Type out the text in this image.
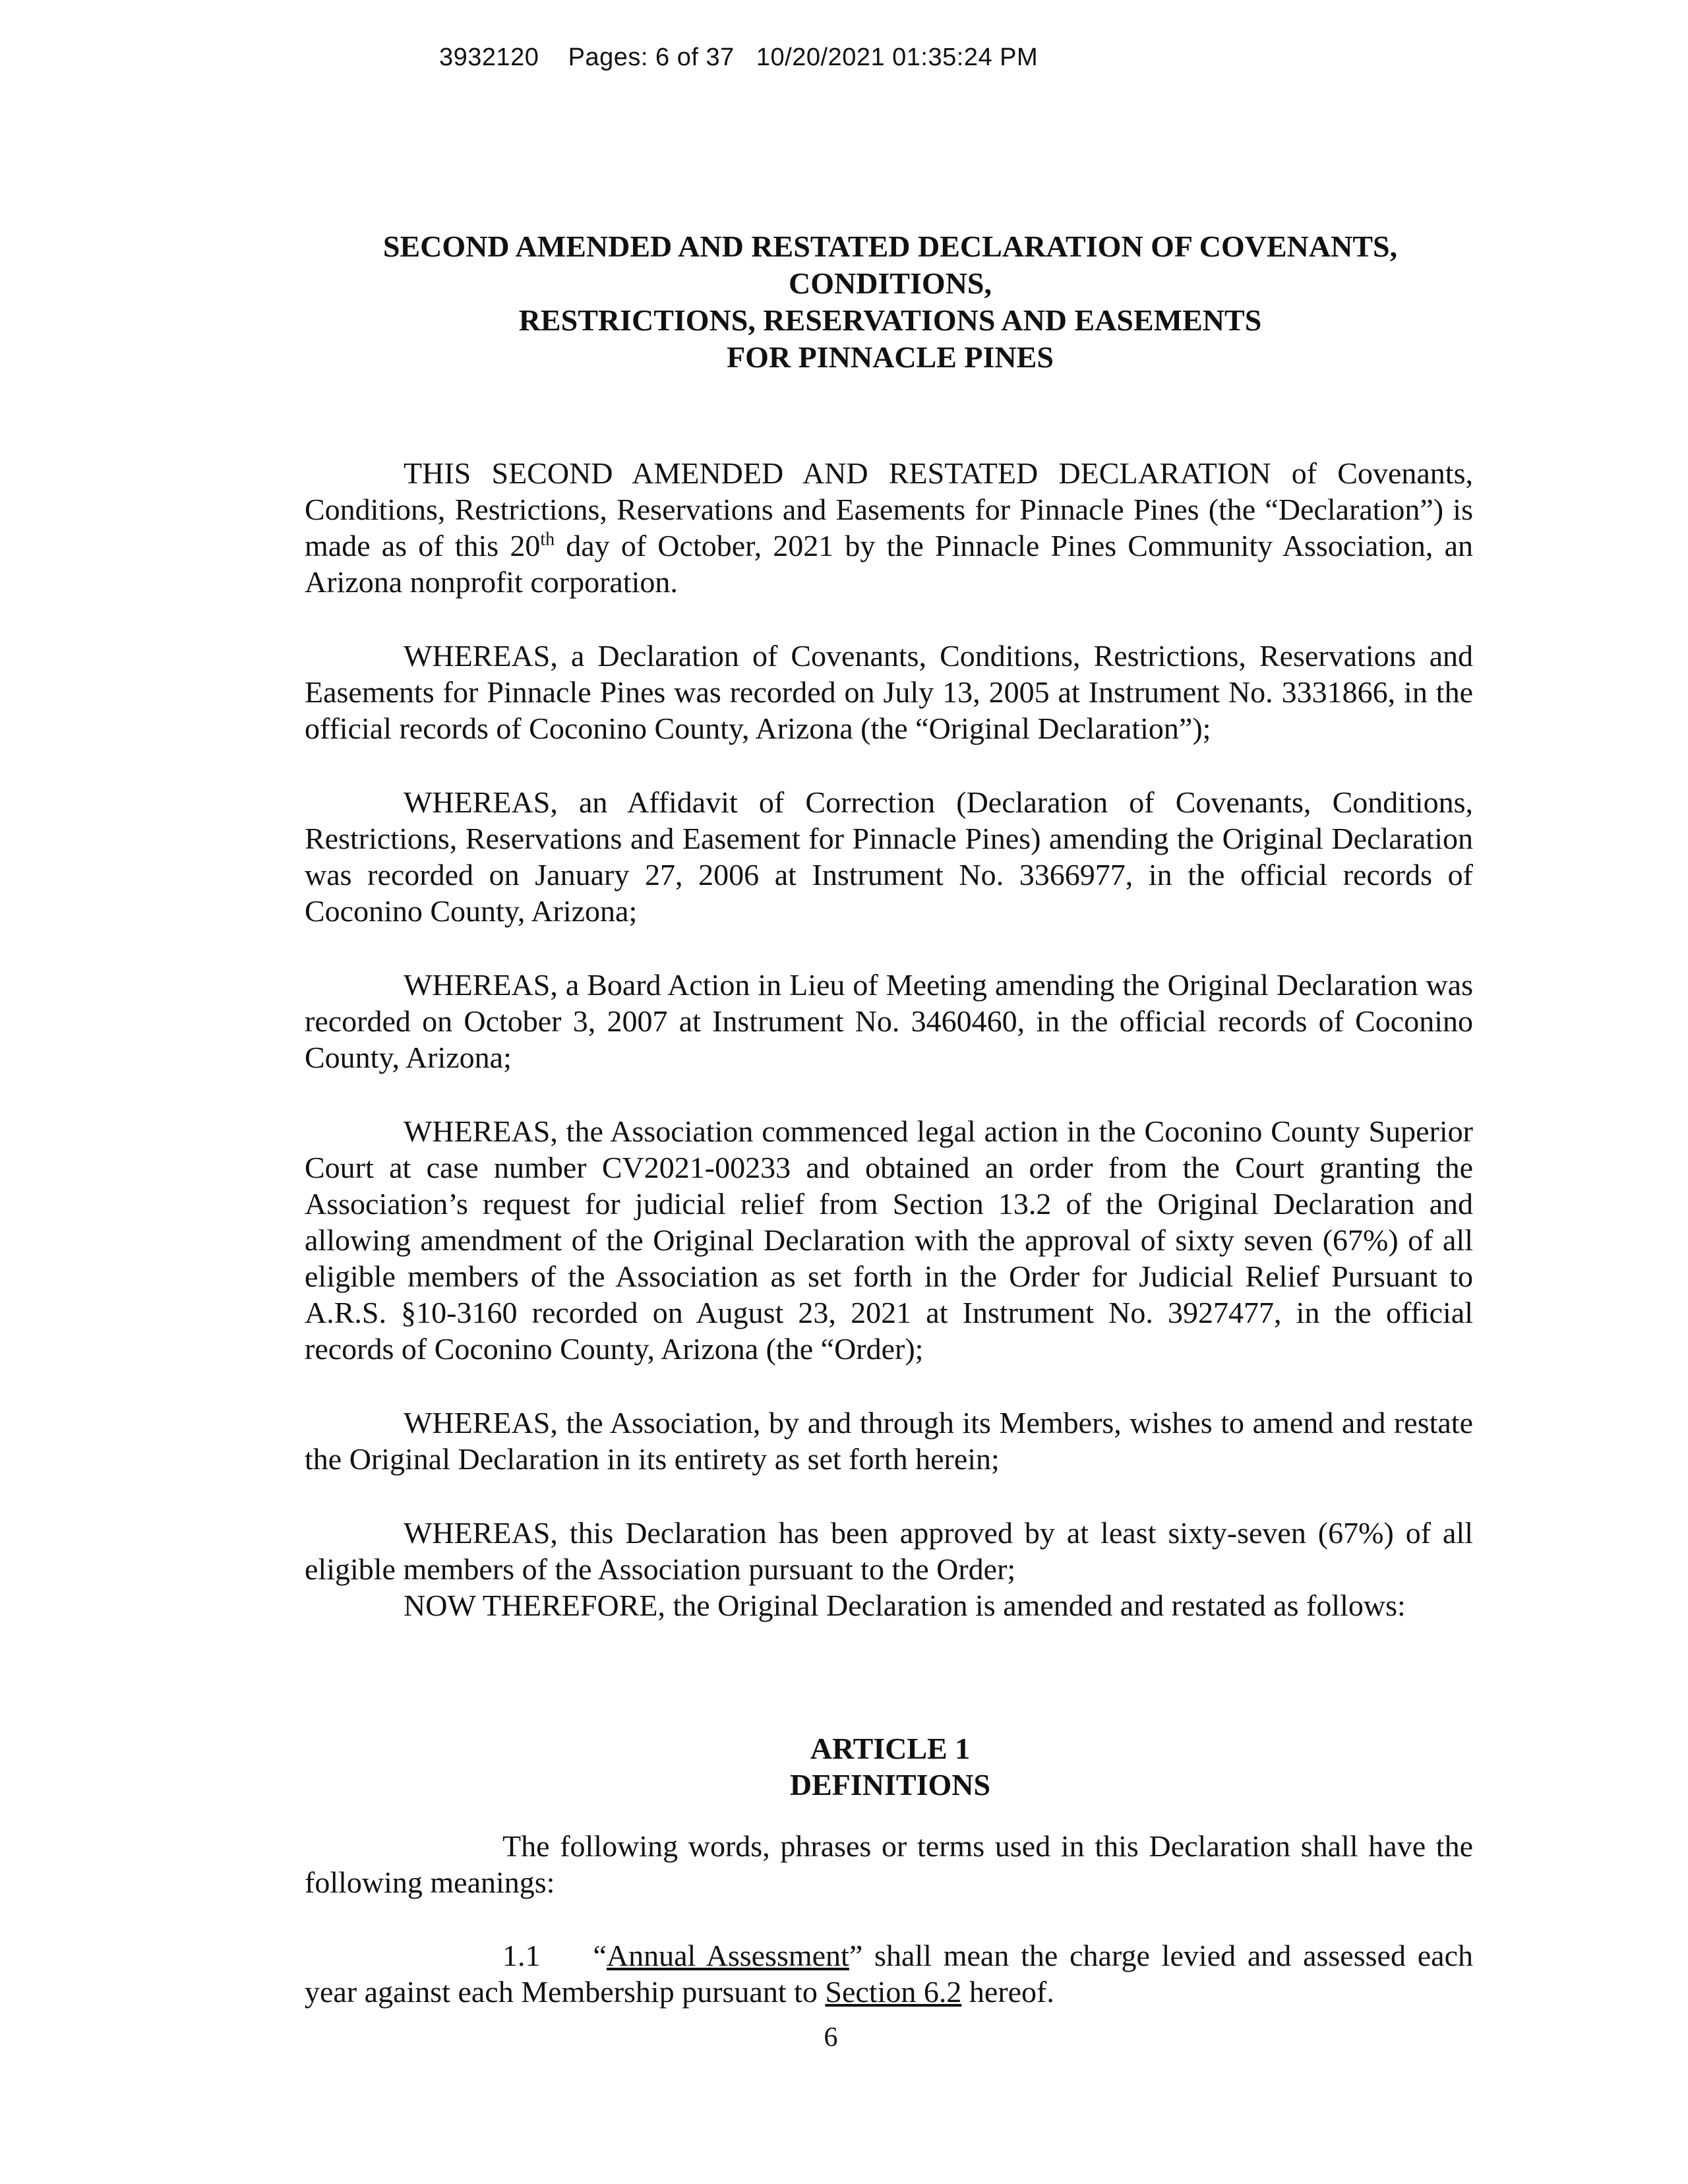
3932120    Pages: 6 of 37   10/20/2021 01:35:24 PM
SECOND AMENDED AND RESTATED DECLARATION OF COVENANTS,
CONDITIONS,
RESTRICTIONS, RESERVATIONS AND EASEMENTS
FOR PINNACLE PINES

THIS SECOND AMENDED AND RESTATED DECLARATION of Covenants, Conditions, Restrictions, Reservations and Easements for Pinnacle Pines (the “Declaration”) is made as of this 20th day of October, 2021 by the Pinnacle Pines Community Association, an Arizona nonprofit corporation.

WHEREAS, a Declaration of Covenants, Conditions, Restrictions, Reservations and Easements for Pinnacle Pines was recorded on July 13, 2005 at Instrument No. 3331866, in the official records of Coconino County, Arizona (the “Original Declaration”);

WHEREAS, an Affidavit of Correction (Declaration of Covenants, Conditions, Restrictions, Reservations and Easement for Pinnacle Pines) amending the Original Declaration was recorded on January 27, 2006 at Instrument No. 3366977, in the official records of Coconino County, Arizona;

WHEREAS, a Board Action in Lieu of Meeting amending the Original Declaration was recorded on October 3, 2007 at Instrument No. 3460460, in the official records of Coconino County, Arizona;

WHEREAS, the Association commenced legal action in the Coconino County Superior Court at case number CV2021-00233 and obtained an order from the Court granting the Association’s request for judicial relief from Section 13.2 of the Original Declaration and allowing amendment of the Original Declaration with the approval of sixty seven (67%) of all eligible members of the Association as set forth in the Order for Judicial Relief Pursuant to A.R.S. §10-3160 recorded on August 23, 2021 at Instrument No. 3927477, in the official records of Coconino County, Arizona (the “Order);

WHEREAS, the Association, by and through its Members, wishes to amend and restate the Original Declaration in its entirety as set forth herein;

WHEREAS, this Declaration has been approved by at least sixty-seven (67%) of all eligible members of the Association pursuant to the Order;

NOW THEREFORE, the Original Declaration is amended and restated as follows:

ARTICLE 1
DEFINITIONS

The following words, phrases or terms used in this Declaration shall have the following meanings:

1.1 “Annual Assessment” shall mean the charge levied and assessed each year against each Membership pursuant to Section 6.2 hereof.

6
